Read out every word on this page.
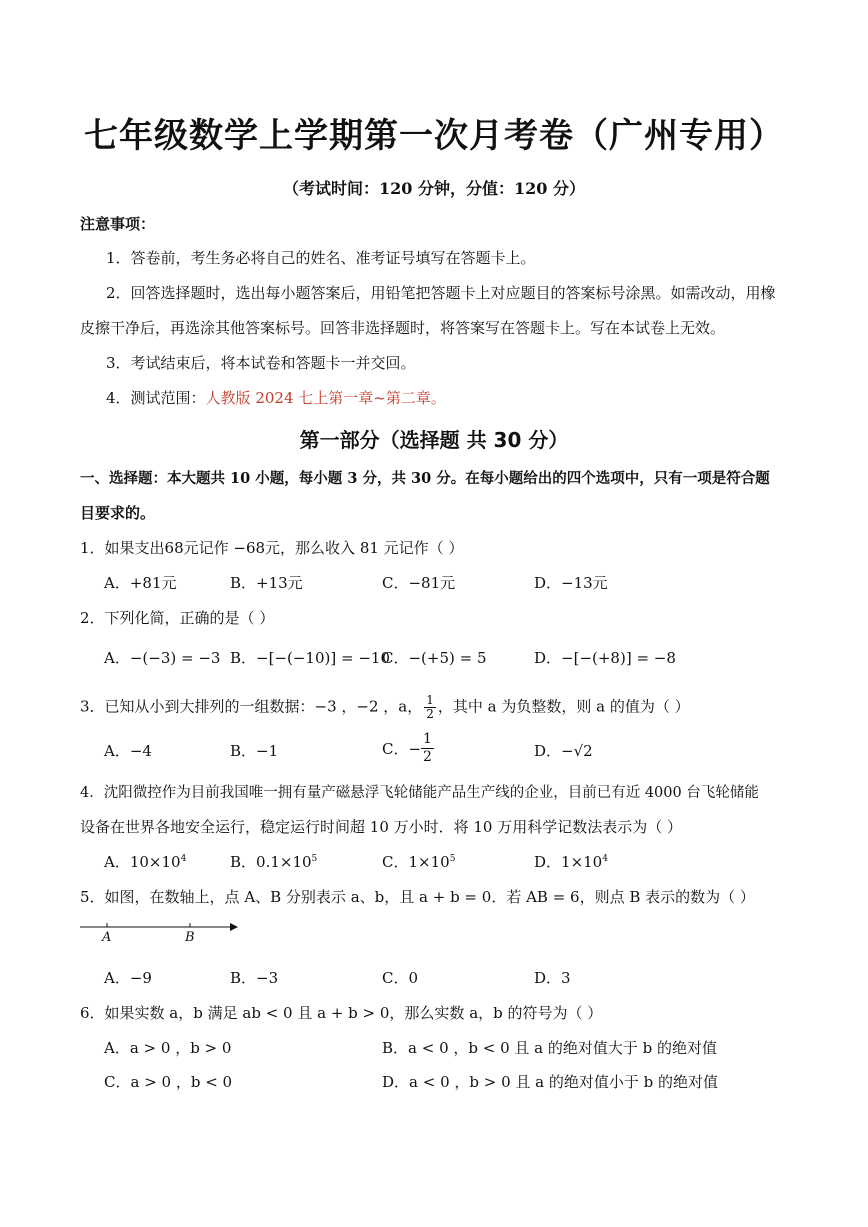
七年级数学上学期第一次月考卷（广州专用）
（考试时间：120 分钟，分值：120 分）
注意事项：
1．答卷前，考生务必将自己的姓名、准考证号填写在答题卡上。
2．回答选择题时，选出每小题答案后，用铅笔把答题卡上对应题目的答案标号涂黑。如需改动，用橡
皮擦干净后，再选涂其他答案标号。回答非选择题时，将答案写在答题卡上。写在本试卷上无效。
3．考试结束后，将本试卷和答题卡一并交回。
4．测试范围：人教版 2024 七上第一章~第二章。
第一部分（选择题 共 30 分）
一、选择题：本大题共 10 小题，每小题 3 分，共 30 分。在每小题给出的四个选项中，只有一项是符合题
目要求的。
1．如果支出68元记作 −68元，那么收入 81 元记作（ ）
A．+81元	B．+13元	C．−81元	D．−13元
2．下列化简，正确的是（ ）
A．−(−3) = −3 B．−[−(−10)] = −10
C．−(+5) = 5	D．−[−(+8)] = −8
3．已知从小到大排列的一组数据：−3 ，−2 ，a， $\frac{1}{2}$ ，其中 a 为负整数，则 a 的值为（ ）
A．−4	B．−1	C．− $\frac{1}{2}$	D．−√2
4．沈阳微控作为目前我国唯一拥有量产磁悬浮飞轮储能产品生产线的企业，目前已有近 4000 台飞轮储能
设备在世界各地安全运行，稳定运行时间超 10 万小时．将 10 万用科学记数法表示为（ ）
A．$10\times 10^4$	B．$0.1\times 10^5$	C．$1\times 10^5$	D．$1\times 10^4$
5．如图，在数轴上，点 A、B 分别表示 a、b，且 a + b = 0．若 AB = 6，则点 B 表示的数为（ ）
A	B
A．−9	B．−3	C．0	D．3
6．如果实数 a，b 满足 ab < 0 且 a + b > 0，那么实数 a，b 的符号为（ ）
A．a > 0 ，b > 0	B．a < 0 ，b < 0 且 a 的绝对值大于 b 的绝对值
C．a > 0 ，b < 0	D．a < 0 ，b > 0 且 a 的绝对值小于 b 的绝对值
